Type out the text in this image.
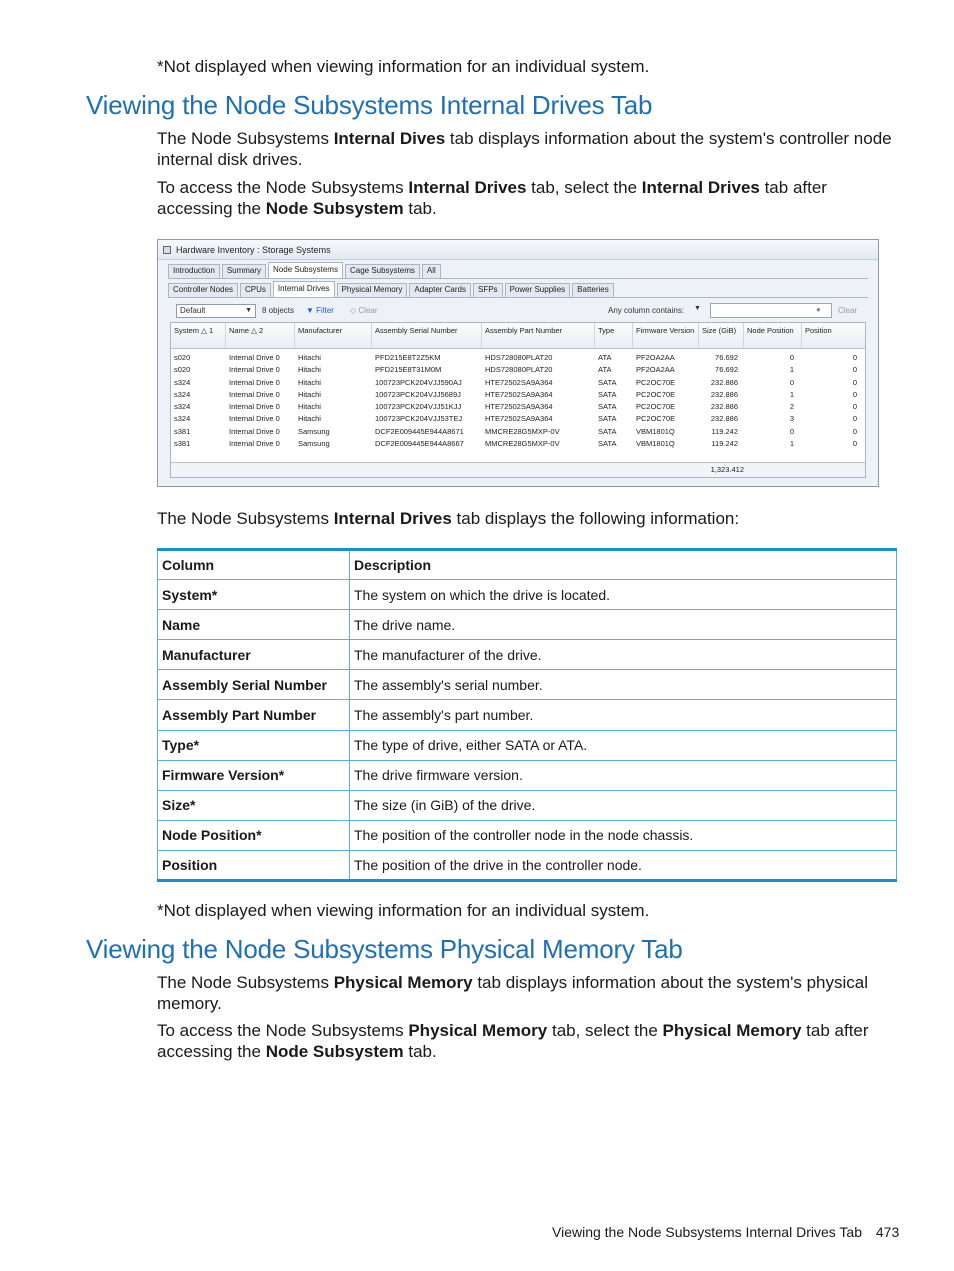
*Not displayed when viewing information for an individual system.
Viewing the Node Subsystems Internal Drives Tab
The Node Subsystems Internal Dives tab displays information about the system's controller node internal disk drives.
To access the Node Subsystems Internal Drives tab, select the Internal Drives tab after accessing the Node Subsystem tab.
Hardware Inventory : Storage Systems
Introduction	Summary	Node Subsystems	Cage Subsystems	All
Controller Nodes	CPUs	Internal Drives	Physical Memory	Adapter Cards	SFPs	Power Supplies	Batteries
Default	▼ 8 objects ▼ Filter ◇ Clear	Any column contains: ▼	● Clear
System △ 1	Name △ 2	Manufacturer	Assembly Serial Number	Assembly Part Number	Type	Firmware Version	Size (GiB)	Node Position	Position
s020	Internal Drive 0	Hitachi	PFD215E8T2Z5KM	HDS728080PLAT20	ATA	PF2OA2AA	76.692	0	0
s020	Internal Drive 0	Hitachi	PFD215E8T31M0M	HDS728080PLAT20	ATA	PF2OA2AA	76.692	1	0
s324	Internal Drive 0	Hitachi	100723PCK204VJJ590AJ	HTE72502SA9A364	SATA	PC2OC70E	232.886	0	0
s324	Internal Drive 0	Hitachi	100723PCK204VJJ5689J	HTE72502SA9A364	SATA	PC2OC70E	232.886	1	0
s324	Internal Drive 0	Hitachi	100723PCK204VJJ51KJJ	HTE72502SA9A364	SATA	PC2OC70E	232.886	2	0
s324	Internal Drive 0	Hitachi	100723PCK204VJJ53TEJ	HTE72502SA9A364	SATA	PC2OC70E	232.886	3	0
s381	Internal Drive 0	Samsung	DCF2E009445E944A8671	MMCRE28G5MXP-0V	SATA	VBM1801Q	119.242	0	0
s381	Internal Drive 0	Samsung	DCF2E009445E944A8667	MMCRE28G5MXP-0V	SATA	VBM1801Q	119.242	1	0
1,323.412
The Node Subsystems Internal Drives tab displays the following information:
Column	Description
System*	The system on which the drive is located.
Name	The drive name.
Manufacturer	The manufacturer of the drive.
Assembly Serial Number	The assembly's serial number.
Assembly Part Number	The assembly's part number.
Type*	The type of drive, either SATA or ATA.
Firmware Version*	The drive firmware version.
Size*	The size (in GiB) of the drive.
Node Position*	The position of the controller node in the node chassis.
Position	The position of the drive in the controller node.
*Not displayed when viewing information for an individual system.
Viewing the Node Subsystems Physical Memory Tab
The Node Subsystems Physical Memory tab displays information about the system's physical memory.
To access the Node Subsystems Physical Memory tab, select the Physical Memory tab after accessing the Node Subsystem tab.
Viewing the Node Subsystems Internal Drives Tab 473
